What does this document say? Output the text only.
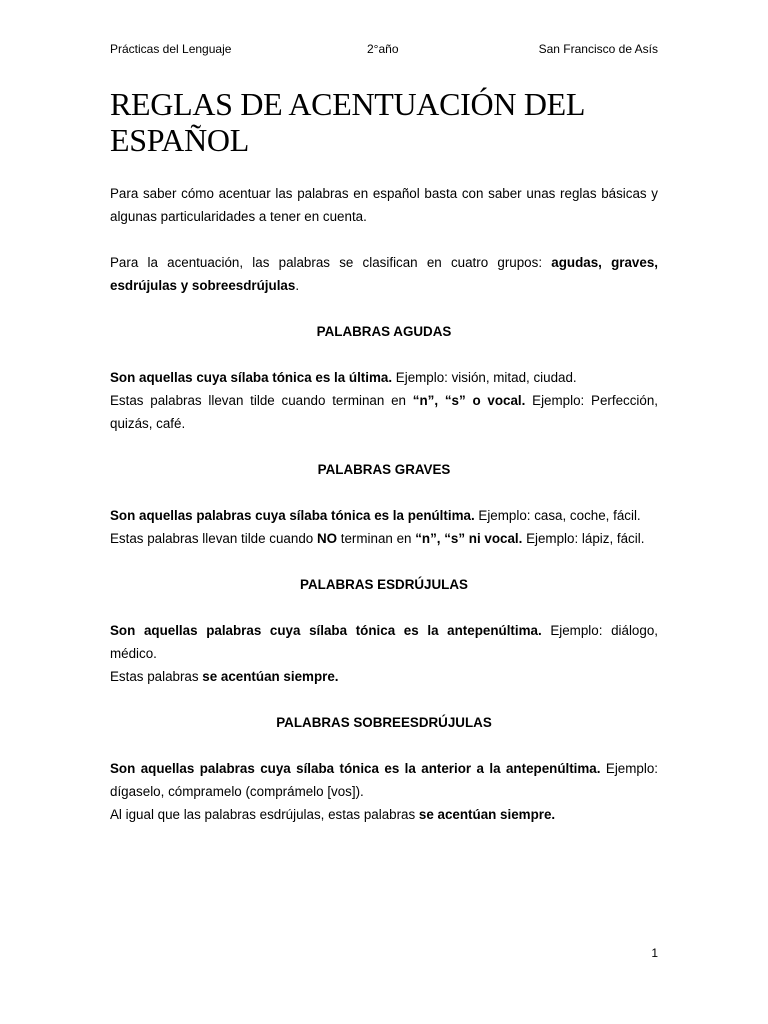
Prácticas del Lenguaje	2°año	San Francisco de Asís
REGLAS DE ACENTUACIÓN DEL ESPAÑOL

Para saber cómo acentuar las palabras en español basta con saber unas reglas básicas y algunas particularidades a tener en cuenta.

Para la acentuación, las palabras se clasifican en cuatro grupos: agudas, graves, esdrújulas y sobreesdrújulas.

PALABRAS AGUDAS

Son aquellas cuya sílaba tónica es la última. Ejemplo: visión, mitad, ciudad.
Estas palabras llevan tilde cuando terminan en “n”, “s” o vocal. Ejemplo: Perfección, quizás, café.

PALABRAS GRAVES

Son aquellas palabras cuya sílaba tónica es la penúltima. Ejemplo: casa, coche, fácil.
Estas palabras llevan tilde cuando NO terminan en “n”, “s” ni vocal. Ejemplo: lápiz, fácil.

PALABRAS ESDRÚJULAS

Son aquellas palabras cuya sílaba tónica es la antepenúltima. Ejemplo: diálogo, médico.
Estas palabras se acentúan siempre.

PALABRAS SOBREESDRÚJULAS

Son aquellas palabras cuya sílaba tónica es la anterior a la antepenúltima. Ejemplo: dígaselo, cómpramelo (comprámelo [vos]).
Al igual que las palabras esdrújulas, estas palabras se acentúan siempre.

1
